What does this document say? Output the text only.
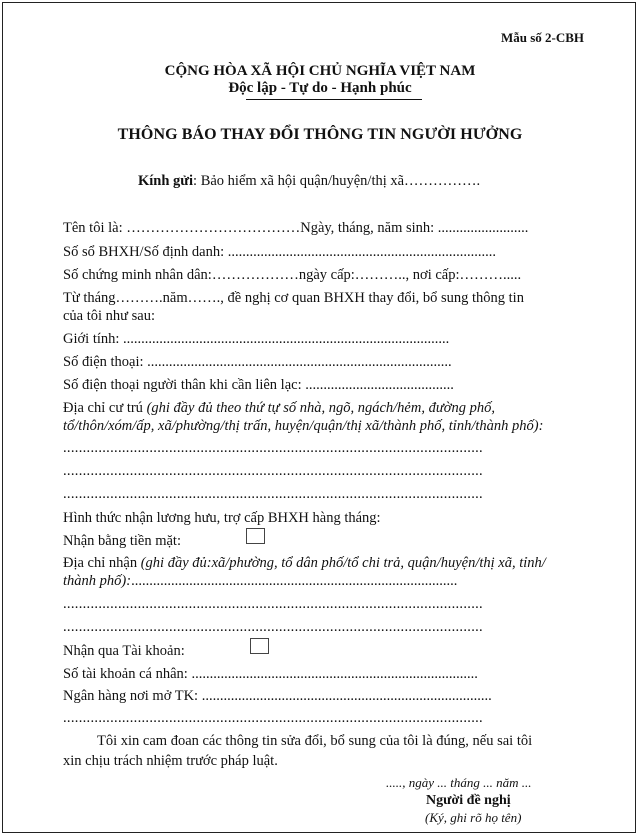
Mẫu số 2-CBH
CỘNG HÒA XÃ HỘI CHỦ NGHĨA VIỆT NAM
Độc lập - Tự do - Hạnh phúc
THÔNG BÁO THAY ĐỔI THÔNG TIN NGƯỜI HƯỞNG
Kính gửi: Bảo hiểm xã hội quận/huyện/thị xã…………….
Tên tôi là: ………………………………Ngày, tháng, năm sinh: .........................
Số sổ BHXH/Số định danh: ..........................................................................
Số chứng minh nhân dân:………………ngày cấp:……….., nơi cấp:……….....
Từ tháng……….năm……., đề nghị cơ quan BHXH thay đổi, bổ sung thông tin
của tôi như sau:
Giới tính: ..........................................................................................
Số điện thoại: ....................................................................................
Số điện thoại người thân khi cần liên lạc: .........................................
Địa chỉ cư trú (ghi đầy đủ theo thứ tự số nhà, ngõ, ngách/hẻm, đường phố,
tổ/thôn/xóm/ấp, xã/phường/thị trấn, huyện/quận/thị xã/thành phố, tỉnh/thành phố):
...........................................................................................................
...........................................................................................................
...........................................................................................................
Hình thức nhận lương hưu, trợ cấp BHXH hàng tháng:
Nhận bằng tiền mặt:
Địa chỉ nhận (ghi đầy đủ:xã/phường, tổ dân phố/tổ chi trả, quận/huyện/thị xã, tỉnh/
thành phố):..........................................................................................
...........................................................................................................
...........................................................................................................
Nhận qua Tài khoản:
Số tài khoản cá nhân: ...............................................................................
Ngân hàng nơi mở TK: ................................................................................
...........................................................................................................
Tôi xin cam đoan các thông tin sửa đổi, bổ sung của tôi là đúng, nếu sai tôi
xin chịu trách nhiệm trước pháp luật.
....., ngày ... tháng ... năm ...
Người đề nghị
(Ký, ghi rõ họ tên)
